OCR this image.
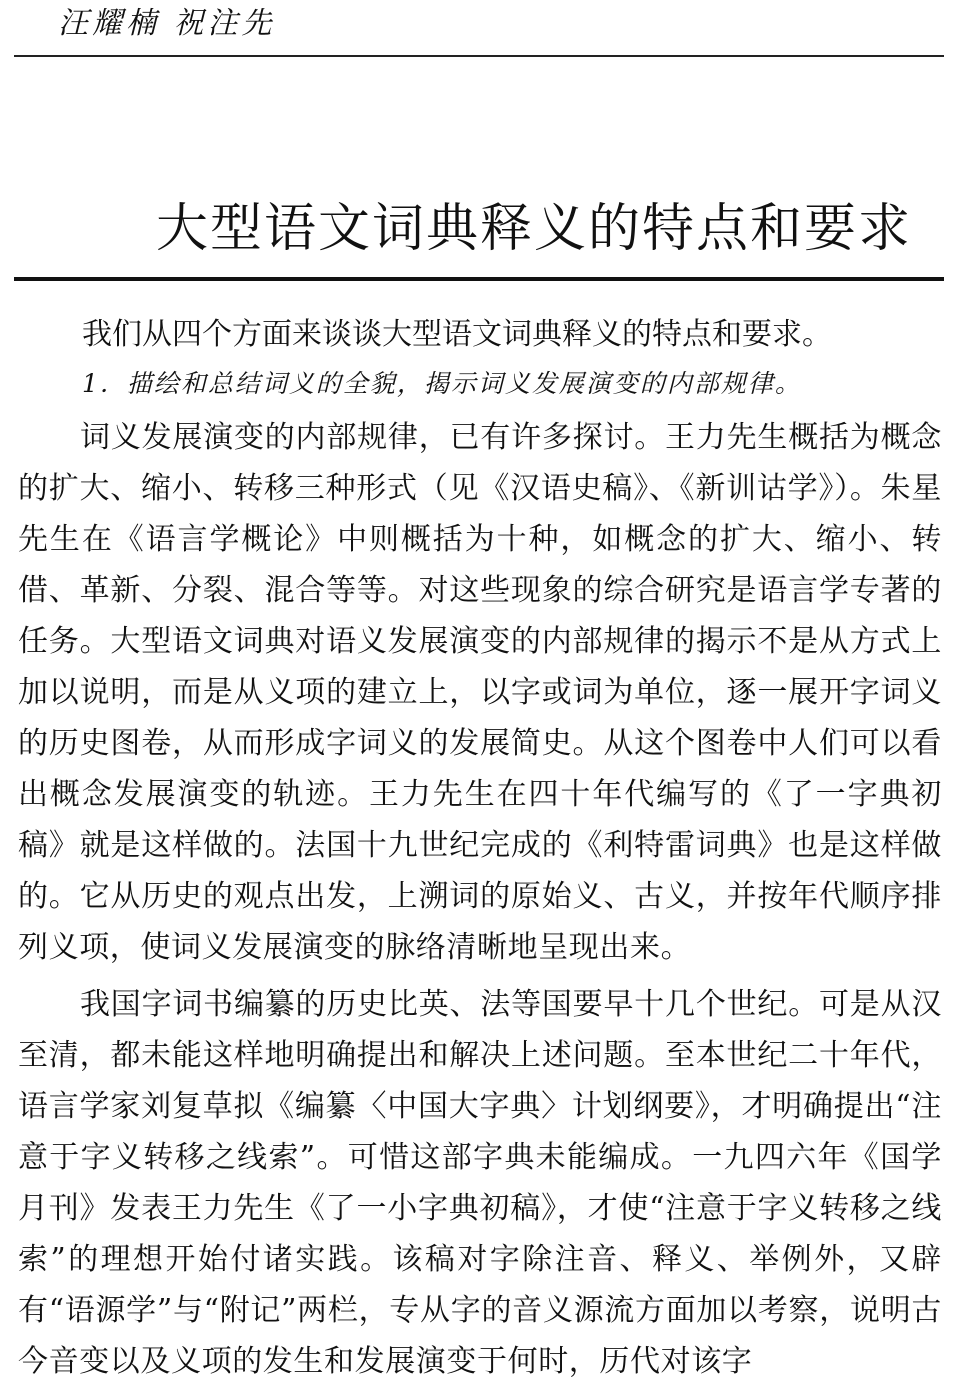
汪耀楠 祝注先
大型语文词典释义的特点和要求

我们从四个方面来谈谈大型语文词典释义的特点和要求。

1．描绘和总结词义的全貌，揭示词义发展演变的内部规律。

词义发展演变的内部规律，已有许多探讨。王力先生概括为概念的扩大、缩小、转移三种形式（见《汉语史稿》、《新训诂学》）。朱星先生在《语言学概论》中则概括为十种，如概念的扩大、缩小、转借、革新、分裂、混合等等。对这些现象的综合研究是语言学专著的任务。大型语文词典对语义发展演变的内部规律的揭示不是从方式上加以说明，而是从义项的建立上，以字或词为单位，逐一展开字词义的历史图卷，从而形成字词义的发展简史。从这个图卷中人们可以看出概念发展演变的轨迹。王力先生在四十年代编写的《了一字典初稿》就是这样做的。法国十九世纪完成的《利特雷词典》也是这样做的。它从历史的观点出发，上溯词的原始义、古义，并按年代顺序排列义项，使词义发展演变的脉络清晰地呈现出来。

我国字词书编纂的历史比英、法等国要早十几个世纪。可是从汉至清，都未能这样地明确提出和解决上述问题。至本世纪二十年代，语言学家刘复草拟《编纂〈中国大字典〉计划纲要》，才明确提出“注意于字义转移之线索”。可惜这部字典未能编成。一九四六年《国学月刊》发表王力先生《了一小字典初稿》，才使“注意于字义转移之线索”的理想开始付诸实践。该稿对字除注音、释义、举例外，又辟有“语源学”与“附记”两栏，专从字的音义源流方面加以考察，说明古今音变以及义项的发生和发展演变于何时，历代对该字
